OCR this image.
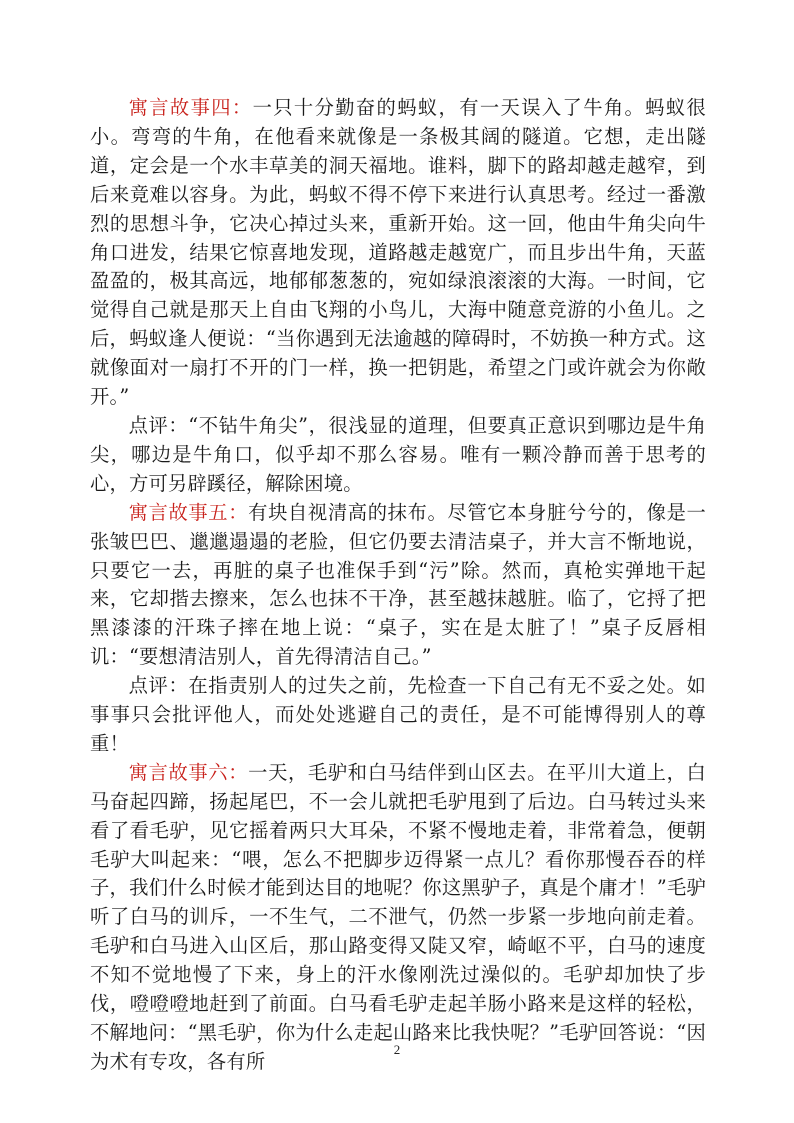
寓言故事四：一只十分勤奋的蚂蚁，有一天误入了牛角。蚂蚁很小。弯弯的牛角，在他看来就像是一条极其阔的隧道。它想，走出隧道，定会是一个水丰草美的洞天福地。谁料，脚下的路却越走越窄，到后来竟难以容身。为此，蚂蚁不得不停下来进行认真思考。经过一番激烈的思想斗争，它决心掉过头来，重新开始。这一回，他由牛角尖向牛角口进发，结果它惊喜地发现，道路越走越宽广，而且步出牛角，天蓝盈盈的，极其高远，地郁郁葱葱的，宛如绿浪滚滚的大海。一时间，它觉得自己就是那天上自由飞翔的小鸟儿，大海中随意竞游的小鱼儿。之后，蚂蚁逢人便说：“当你遇到无法逾越的障碍时，不妨换一种方式。这就像面对一扇打不开的门一样，换一把钥匙，希望之门或许就会为你敞开。”

点评：“不钻牛角尖”，很浅显的道理，但要真正意识到哪边是牛角尖，哪边是牛角口，似乎却不那么容易。唯有一颗冷静而善于思考的心，方可另辟蹊径，解除困境。

寓言故事五：有块自视清高的抹布。尽管它本身脏兮兮的，像是一张皱巴巴、邋邋遢遢的老脸，但它仍要去清洁桌子，并大言不惭地说，只要它一去，再脏的桌子也准保手到“污”除。然而，真枪实弹地干起来，它却揩去擦来，怎么也抹不干净，甚至越抹越脏。临了，它捋了把黑漆漆的汗珠子摔在地上说：“桌子，实在是太脏了！”桌子反唇相讥：“要想清洁别人，首先得清洁自己。”

点评：在指责别人的过失之前，先检查一下自己有无不妥之处。如事事只会批评他人，而处处逃避自己的责任，是不可能博得别人的尊重！

寓言故事六：一天，毛驴和白马结伴到山区去。在平川大道上，白马奋起四蹄，扬起尾巴，不一会儿就把毛驴甩到了后边。白马转过头来看了看毛驴，见它摇着两只大耳朵，不紧不慢地走着，非常着急，便朝毛驴大叫起来：“喂，怎么不把脚步迈得紧一点儿？看你那慢吞吞的样子，我们什么时候才能到达目的地呢？你这黑驴子，真是个庸才！”毛驴听了白马的训斥，一不生气，二不泄气，仍然一步紧一步地向前走着。毛驴和白马进入山区后，那山路变得又陡又窄，崎岖不平，白马的速度不知不觉地慢了下来，身上的汗水像刚洗过澡似的。毛驴却加快了步伐，噔噔噔地赶到了前面。白马看毛驴走起羊肠小路来是这样的轻松，不解地问：“黑毛驴，你为什么走起山路来比我快呢？”毛驴回答说：“因为术有专攻，各有所

2
